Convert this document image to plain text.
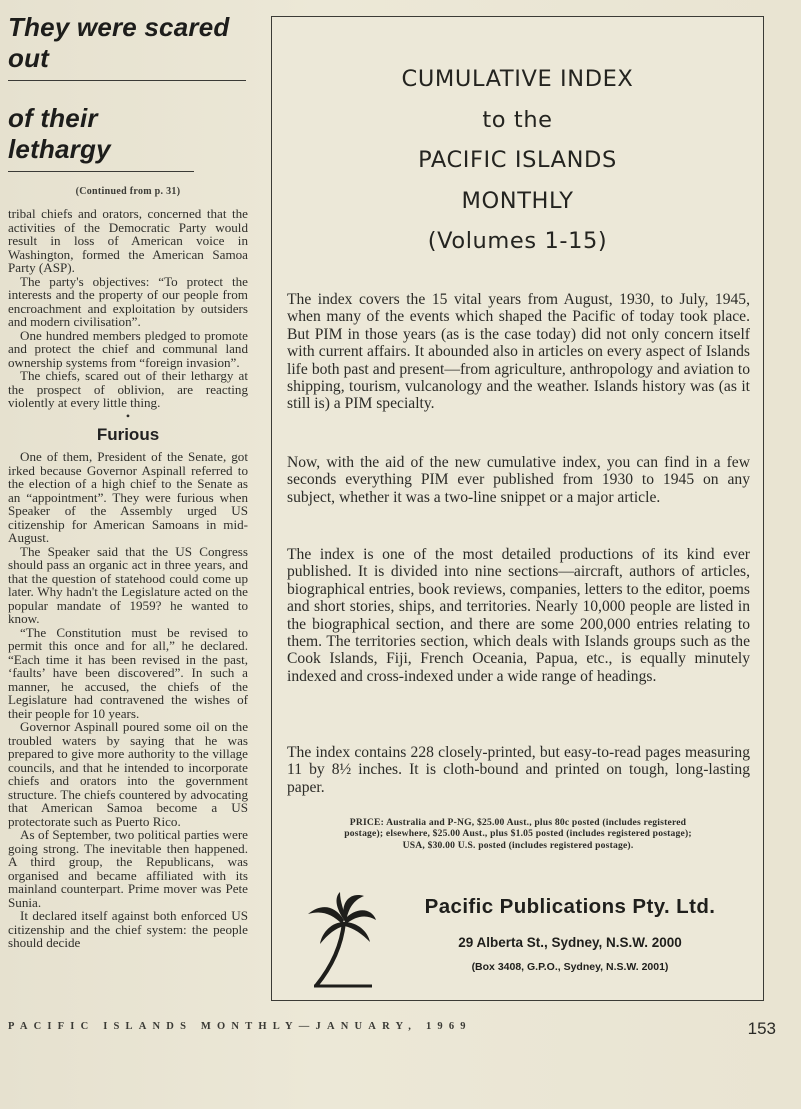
They were scared out
of their lethargy
(Continued from p. 31)

tribal chiefs and orators, concerned that the activities of the Democratic Party would result in loss of American voice in Washington, formed the American Samoa Party (ASP).

The party's objectives: “To protect the interests and the property of our people from encroachment and exploitation by outsiders and modern civilisation”.

One hundred members pledged to promote and protect the chief and communal land ownership systems from “foreign invasion”.

The chiefs, scared out of their lethargy at the prospect of oblivion, are reacting violently at every little thing.

•
Furious

One of them, President of the Senate, got irked because Governor Aspinall referred to the election of a high chief to the Senate as an “appointment”. They were furious when Speaker of the Assembly urged US citizenship for American Samoans in mid-August.

The Speaker said that the US Congress should pass an organic act in three years, and that the question of statehood could come up later. Why hadn't the Legislature acted on the popular mandate of 1959? he wanted to know.

“The Constitution must be revised to permit this once and for all,” he declared. “Each time it has been revised in the past, ‘faults’ have been discovered”. In such a manner, he accused, the chiefs of the Legislature had contravened the wishes of their people for 10 years.

Governor Aspinall poured some oil on the troubled waters by saying that he was prepared to give more authority to the village councils, and that he intended to incorporate chiefs and orators into the government structure. The chiefs countered by advocating that American Samoa become a US protectorate such as Puerto Rico.

As of September, two political parties were going strong. The inevitable then happened. A third group, the Republicans, was organised and became affiliated with its mainland counterpart. Prime mover was Pete Sunia.

It declared itself against both enforced US citizenship and the chief system: the people should decide

CUMULATIVE INDEX
to the
PACIFIC ISLANDS
MONTHLY
(Volumes 1-15)

The index covers the 15 vital years from August, 1930, to July, 1945, when many of the events which shaped the Pacific of today took place. But PIM in those years (as is the case today) did not only concern itself with current affairs. It abounded also in articles on every aspect of Islands life both past and present—from agriculture, anthropology and aviation to shipping, tourism, vulcanology and the weather. Islands history was (as it still is) a PIM specialty.

Now, with the aid of the new cumulative index, you can find in a few seconds everything PIM ever published from 1930 to 1945 on any subject, whether it was a two-line snippet or a major article.

The index is one of the most detailed productions of its kind ever published. It is divided into nine sections—aircraft, authors of articles, biographical entries, book reviews, companies, letters to the editor, poems and short stories, ships, and territories. Nearly 10,000 people are listed in the biographical section, and there are some 200,000 entries relating to them. The territories section, which deals with Islands groups such as the Cook Islands, Fiji, French Oceania, Papua, etc., is equally minutely indexed and cross-indexed under a wide range of headings.

The index contains 228 closely-printed, but easy-to-read pages measuring 11 by 8½ inches. It is cloth-bound and printed on tough, long-lasting paper.

PRICE: Australia and P-NG, $25.00 Aust., plus 80c posted (includes registered postage); elsewhere, $25.00 Aust., plus $1.05 posted (includes registered postage); USA, $30.00 U.S. posted (includes registered postage).
Pacific Publications Pty. Ltd.
29 Alberta St., Sydney, N.S.W. 2000
(Box 3408, G.P.O., Sydney, N.S.W. 2001)
PACIFIC ISLANDS MONTHLY—JANUARY, 1969	153
